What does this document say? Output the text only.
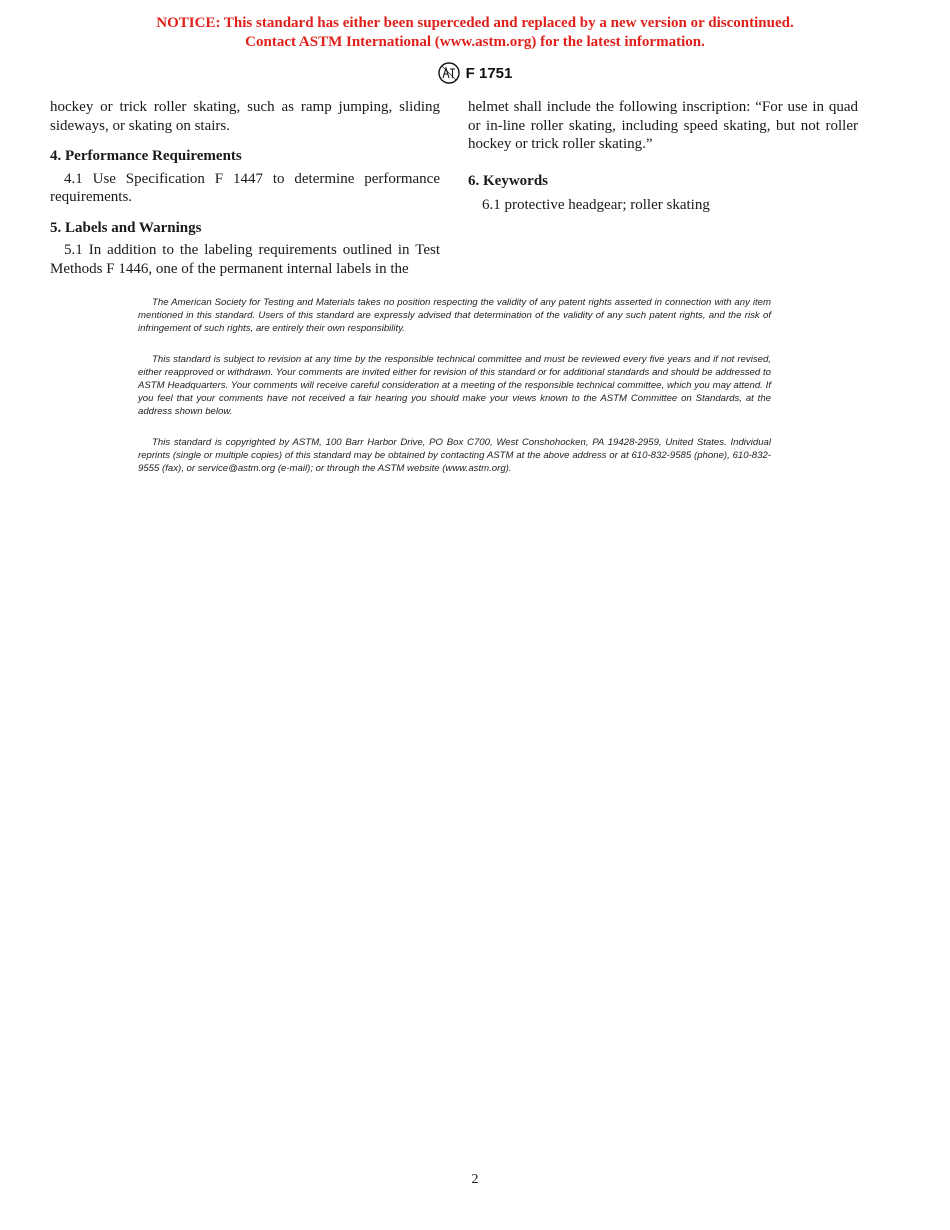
NOTICE: This standard has either been superceded and replaced by a new version or discontinued.
Contact ASTM International (www.astm.org) for the latest information.
F 1751

hockey or trick roller skating, such as ramp jumping, sliding sideways, or skating on stairs.

4. Performance Requirements

4.1 Use Specification F 1447 to determine performance requirements.

5. Labels and Warnings

5.1 In addition to the labeling requirements outlined in Test Methods F 1446, one of the permanent internal labels in the

helmet shall include the following inscription: “For use in quad or in-line roller skating, including speed skating, but not roller hockey or trick roller skating.”

6. Keywords

6.1 protective headgear; roller skating

The American Society for Testing and Materials takes no position respecting the validity of any patent rights asserted in connection with any item mentioned in this standard. Users of this standard are expressly advised that determination of the validity of any such patent rights, and the risk of infringement of such rights, are entirely their own responsibility.

This standard is subject to revision at any time by the responsible technical committee and must be reviewed every five years and if not revised, either reapproved or withdrawn. Your comments are invited either for revision of this standard or for additional standards and should be addressed to ASTM Headquarters. Your comments will receive careful consideration at a meeting of the responsible technical committee, which you may attend. If you feel that your comments have not received a fair hearing you should make your views known to the ASTM Committee on Standards, at the address shown below.

This standard is copyrighted by ASTM, 100 Barr Harbor Drive, PO Box C700, West Conshohocken, PA 19428-2959, United States. Individual reprints (single or multiple copies) of this standard may be obtained by contacting ASTM at the above address or at 610-832-9585 (phone), 610-832-9555 (fax), or service@astm.org (e-mail); or through the ASTM website (www.astm.org).

2
